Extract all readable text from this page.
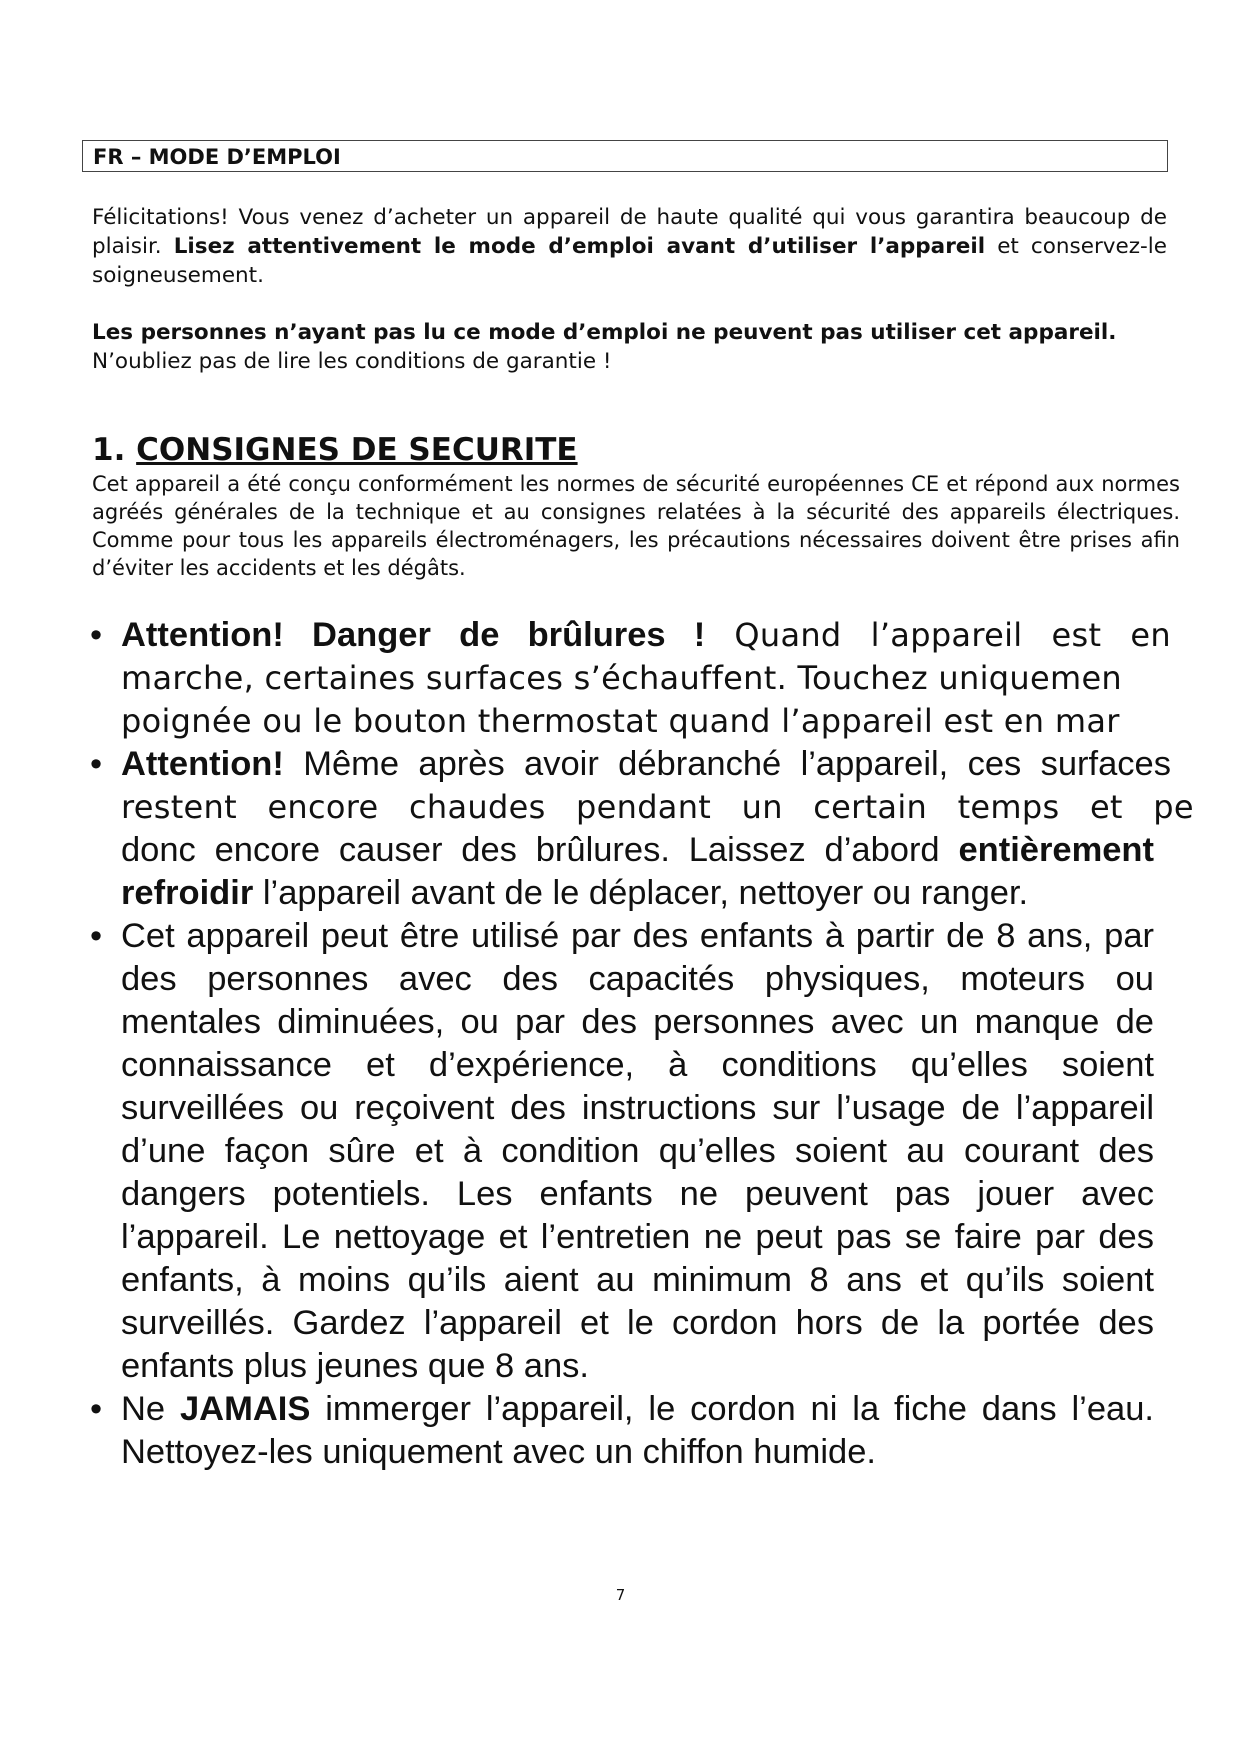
FR – MODE D’EMPLOI

Félicitations! Vous venez d’acheter un appareil de haute qualité qui vous garantira beaucoup de plaisir. Lisez attentivement le mode d’emploi avant d’utiliser l’appareil et conservez-le soigneusement.

Les personnes n’ayant pas lu ce mode d’emploi ne peuvent pas utiliser cet appareil.
N’oubliez pas de lire les conditions de garantie !

1. CONSIGNES DE SECURITE

Cet appareil a été conçu conformément les normes de sécurité européennes CE et répond aux normes agréés générales de la technique et au consignes relatées à la sécurité des appareils électriques. Comme pour tous les appareils électroménagers, les précautions nécessaires doivent être prises afin d’éviter les accidents et les dégâts.

• Attention! Danger de brûlures ! Quand l’appareil est en
marche, certaines surfaces s’échauffent. Touchez uniquemen
poignée ou le bouton thermostat quand l’appareil est en mar
• Attention! Même après avoir débranché l’appareil, ces surfaces
restent encore chaudes pendant un certain temps et pe
donc encore causer des brûlures. Laissez d’abord entièrement refroidir l’appareil avant de le déplacer, nettoyer ou ranger.
• Cet appareil peut être utilisé par des enfants à partir de 8 ans, par des personnes avec des capacités physiques, moteurs ou mentales diminuées, ou par des personnes avec un manque de connaissance et d’expérience, à conditions qu’elles soient surveillées ou reçoivent des instructions sur l’usage de l’appareil d’une façon sûre et à condition qu’elles soient au courant des dangers potentiels. Les enfants ne peuvent pas jouer avec l’appareil. Le nettoyage et l’entretien ne peut pas se faire par des enfants, à moins qu’ils aient au minimum 8 ans et qu’ils soient surveillés. Gardez l’appareil et le cordon hors de la portée des enfants plus jeunes que 8 ans.
• Ne JAMAIS immerger l’appareil, le cordon ni la fiche dans l’eau. Nettoyez-les uniquement avec un chiffon humide.
7
